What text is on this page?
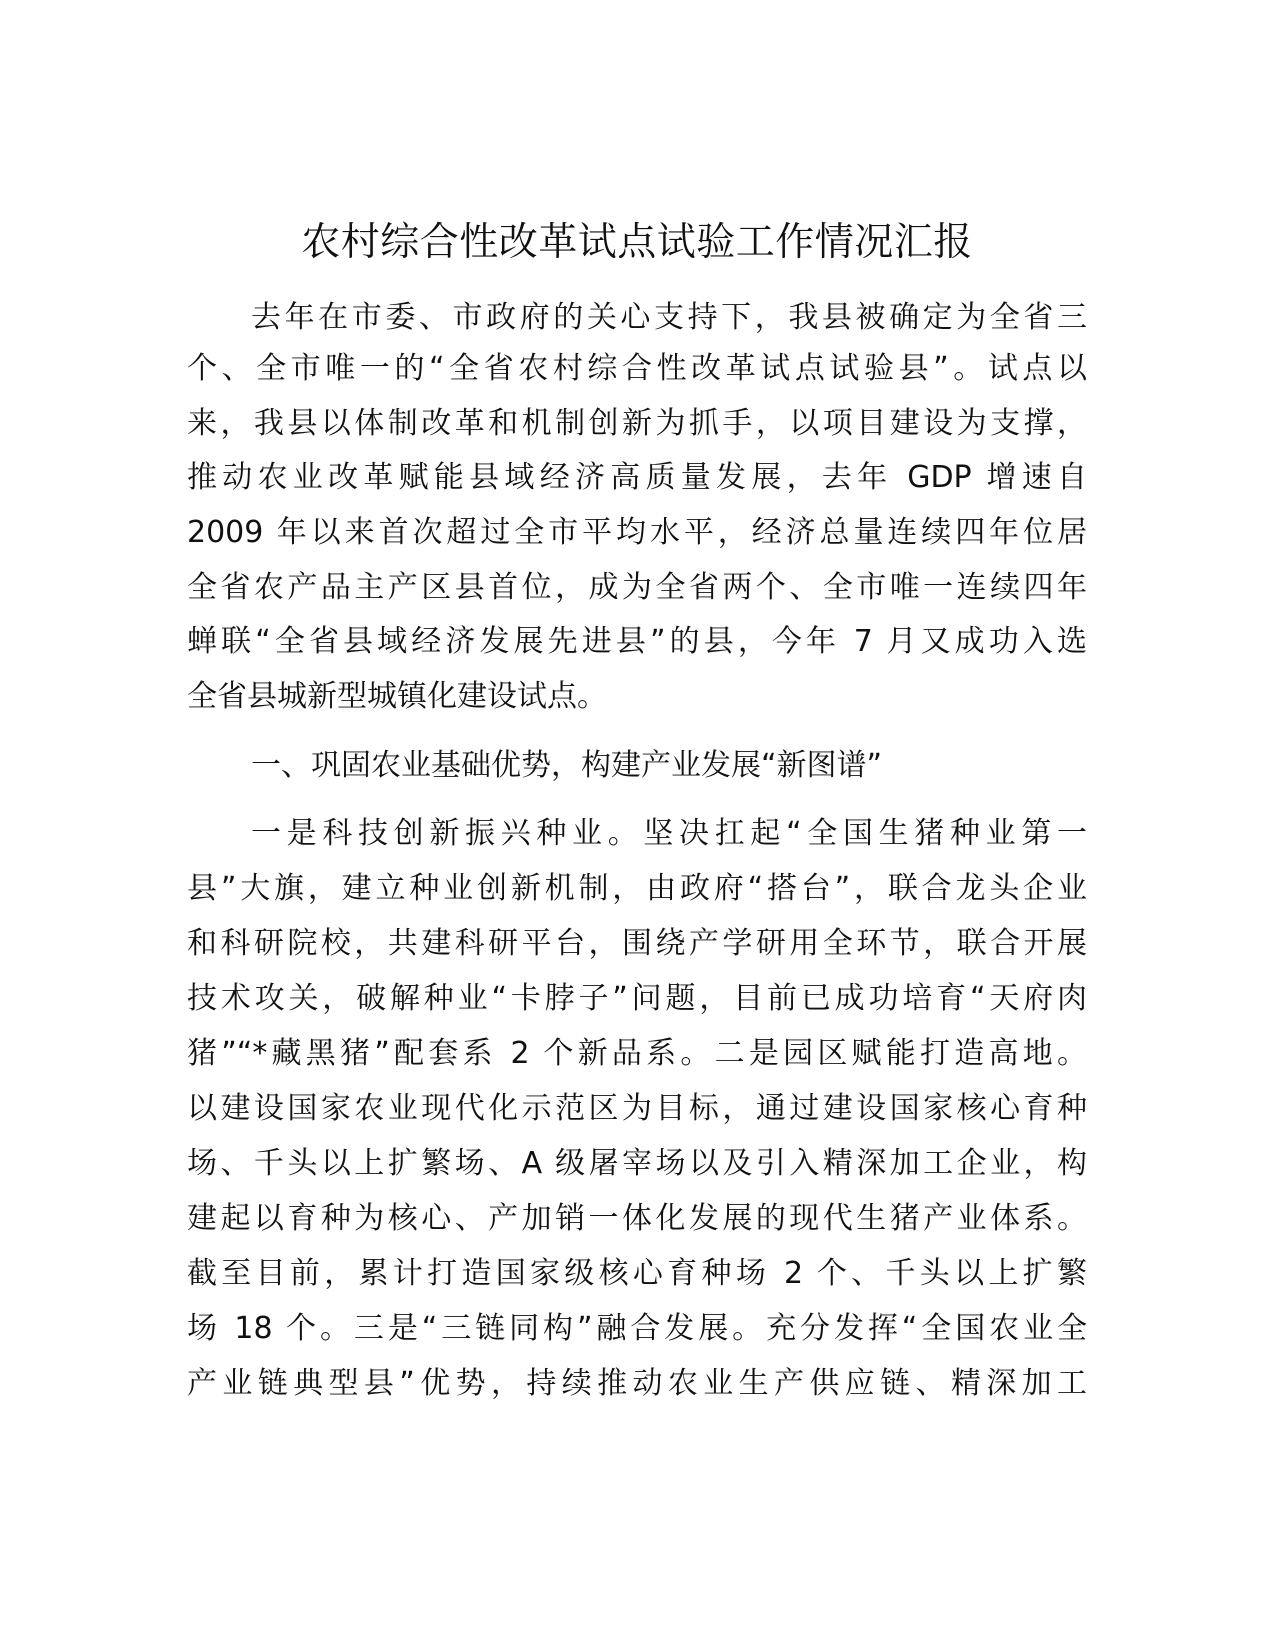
农村综合性改革试点试验工作情况汇报

去年在市委、市政府的关心支持下，我县被确定为全省三

个、全市唯一的“全省农村综合性改革试点试验县”。试点以

来，我县以体制改革和机制创新为抓手，以项目建设为支撑，

推动农业改革赋能县域经济高质量发展，去年 GDP 增速自

2009 年以来首次超过全市平均水平，经济总量连续四年位居

全省农产品主产区县首位，成为全省两个、全市唯一连续四年

蝉联“全省县域经济发展先进县”的县，今年 7 月又成功入选

全省县城新型城镇化建设试点。

一、巩固农业基础优势，构建产业发展“新图谱”

一是科技创新振兴种业。坚决扛起“全国生猪种业第一

县”大旗，建立种业创新机制，由政府“搭台”，联合龙头企业

和科研院校，共建科研平台，围绕产学研用全环节，联合开展

技术攻关，破解种业“卡脖子”问题，目前已成功培育“天府肉

猪”“*藏黑猪”配套系 2 个新品系。二是园区赋能打造高地。

以建设国家农业现代化示范区为目标，通过建设国家核心育种

场、千头以上扩繁场、A 级屠宰场以及引入精深加工企业，构

建起以育种为核心、产加销一体化发展的现代生猪产业体系。

截至目前，累计打造国家级核心育种场 2 个、千头以上扩繁

场 18 个。三是“三链同构”融合发展。充分发挥“全国农业全

产业链典型县”优势，持续推动农业生产供应链、精深加工
